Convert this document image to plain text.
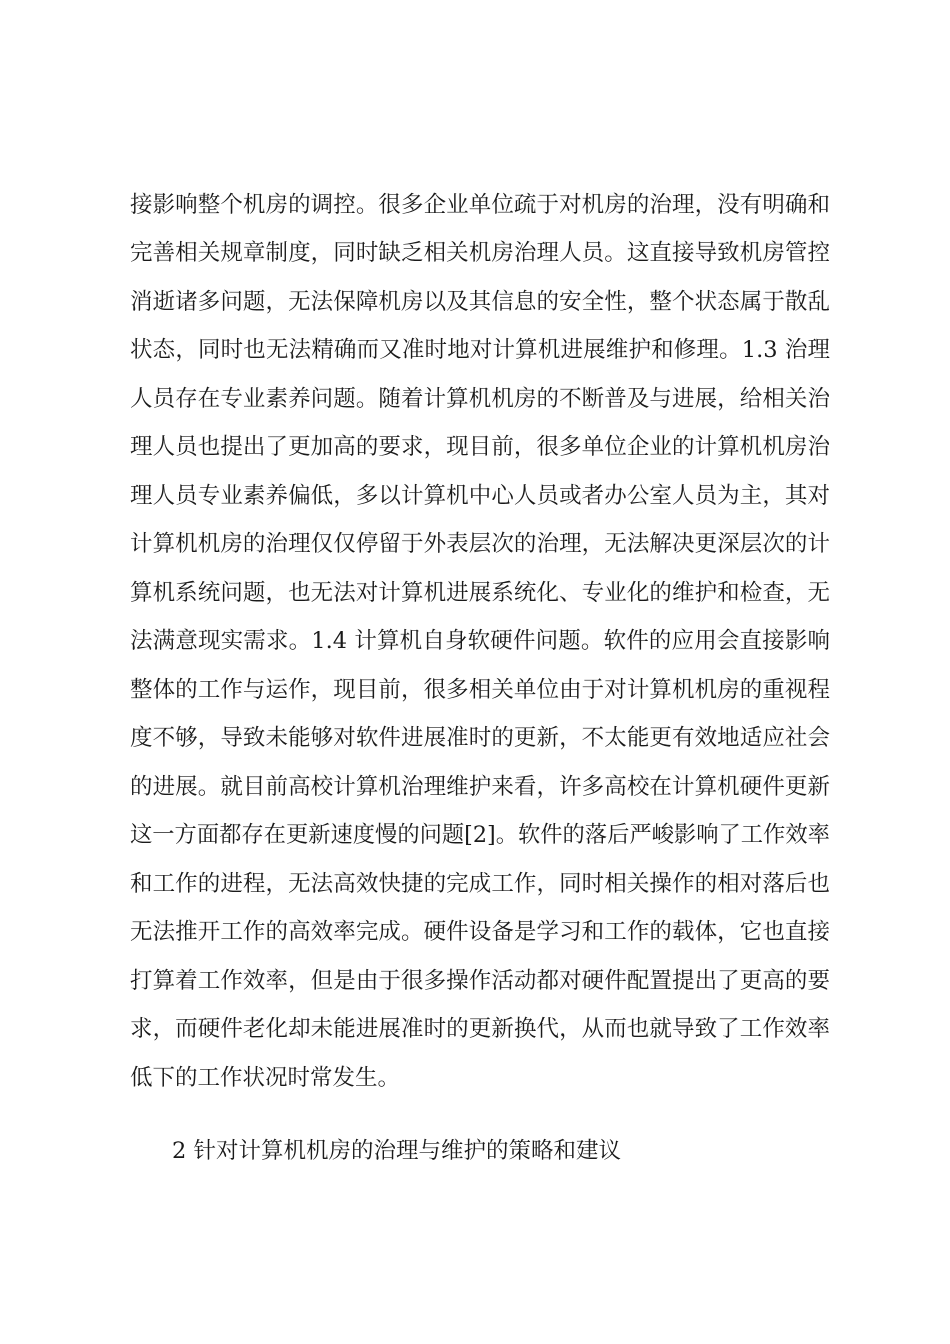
接影响整个机房的调控。很多企业单位疏于对机房的治理，没有明确和
完善相关规章制度，同时缺乏相关机房治理人员。这直接导致机房管控
消逝诸多问题，无法保障机房以及其信息的安全性，整个状态属于散乱
状态，同时也无法精确而又准时地对计算机进展维护和修理。1.3 治理
人员存在专业素养问题。随着计算机机房的不断普及与进展，给相关治
理人员也提出了更加高的要求，现目前，很多单位企业的计算机机房治
理人员专业素养偏低，多以计算机中心人员或者办公室人员为主，其对
计算机机房的治理仅仅停留于外表层次的治理，无法解决更深层次的计
算机系统问题，也无法对计算机进展系统化、专业化的维护和检查，无
法满意现实需求。1.4 计算机自身软硬件问题。软件的应用会直接影响
整体的工作与运作，现目前，很多相关单位由于对计算机机房的重视程
度不够，导致未能够对软件进展准时的更新，不太能更有效地适应社会
的进展。就目前高校计算机治理维护来看，许多高校在计算机硬件更新
这一方面都存在更新速度慢的问题[2]。软件的落后严峻影响了工作效率
和工作的进程，无法高效快捷的完成工作，同时相关操作的相对落后也
无法推开工作的高效率完成。硬件设备是学习和工作的载体，它也直接
打算着工作效率，但是由于很多操作活动都对硬件配置提出了更高的要
求，而硬件老化却未能进展准时的更新换代，从而也就导致了工作效率
低下的工作状况时常发生。
2 针对计算机机房的治理与维护的策略和建议
